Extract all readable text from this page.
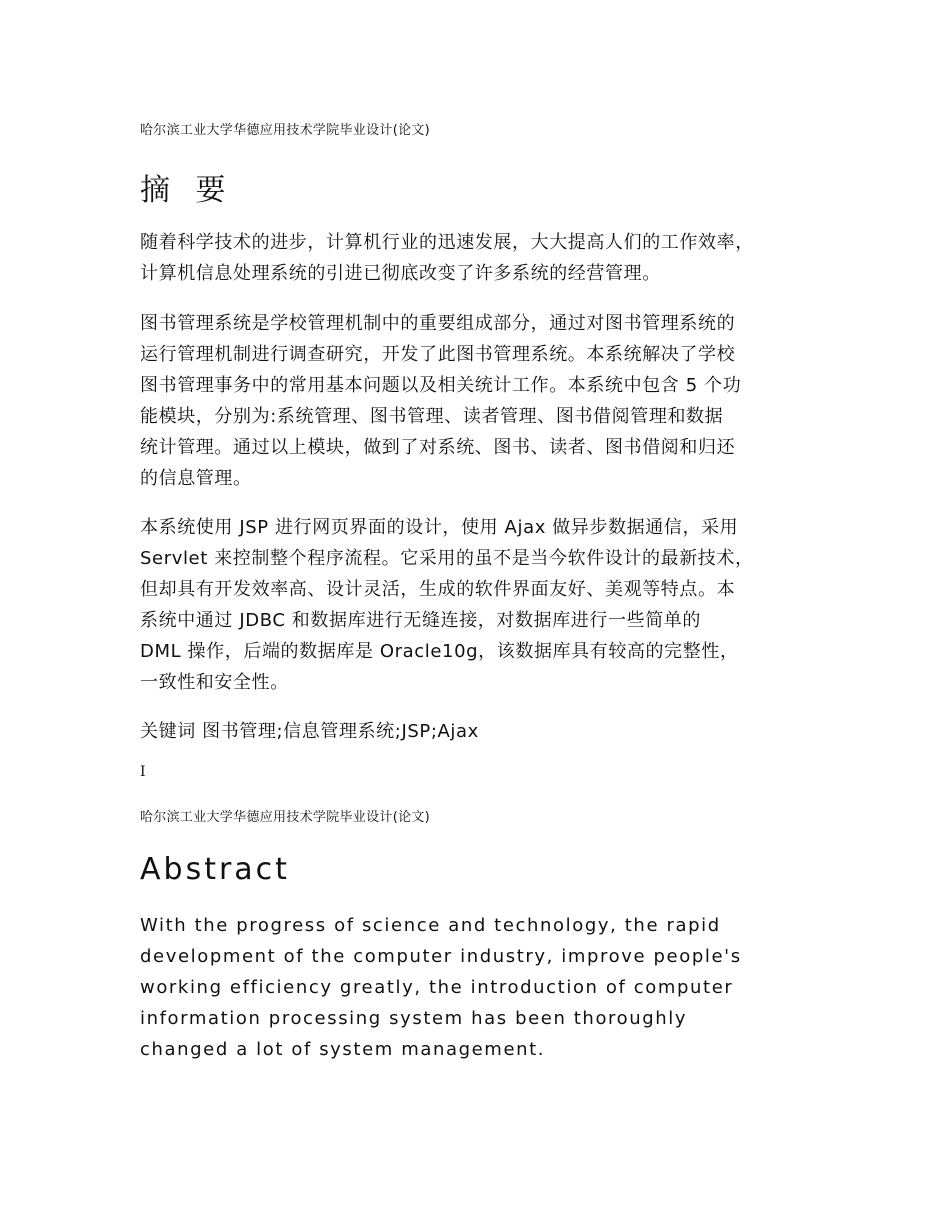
哈尔滨工业大学华德应用技术学院毕业设计(论文)
摘 要
随着科学技术的进步，计算机行业的迅速发展，大大提高人们的工作效率，
计算机信息处理系统的引进已彻底改变了许多系统的经营管理。
图书管理系统是学校管理机制中的重要组成部分，通过对图书管理系统的
运行管理机制进行调查研究，开发了此图书管理系统。本系统解决了学校
图书管理事务中的常用基本问题以及相关统计工作。本系统中包含 5 个功
能模块，分别为:系统管理、图书管理、读者管理、图书借阅管理和数据
统计管理。通过以上模块，做到了对系统、图书、读者、图书借阅和归还
的信息管理。
本系统使用 JSP 进行网页界面的设计，使用 Ajax 做异步数据通信，采用
Servlet 来控制整个程序流程。它采用的虽不是当今软件设计的最新技术，
但却具有开发效率高、设计灵活，生成的软件界面友好、美观等特点。本
系统中通过 JDBC 和数据库进行无缝连接，对数据库进行一些简单的
DML 操作，后端的数据库是 Oracle10g，该数据库具有较高的完整性，
一致性和安全性。
关键词 图书管理;信息管理系统;JSP;Ajax
I
哈尔滨工业大学华德应用技术学院毕业设计(论文)
Abstract
With the progress of science and technology, the rapid
development of the computer industry, improve people's
working efficiency greatly, the introduction of computer
information processing system has been thoroughly
changed a lot of system management.
